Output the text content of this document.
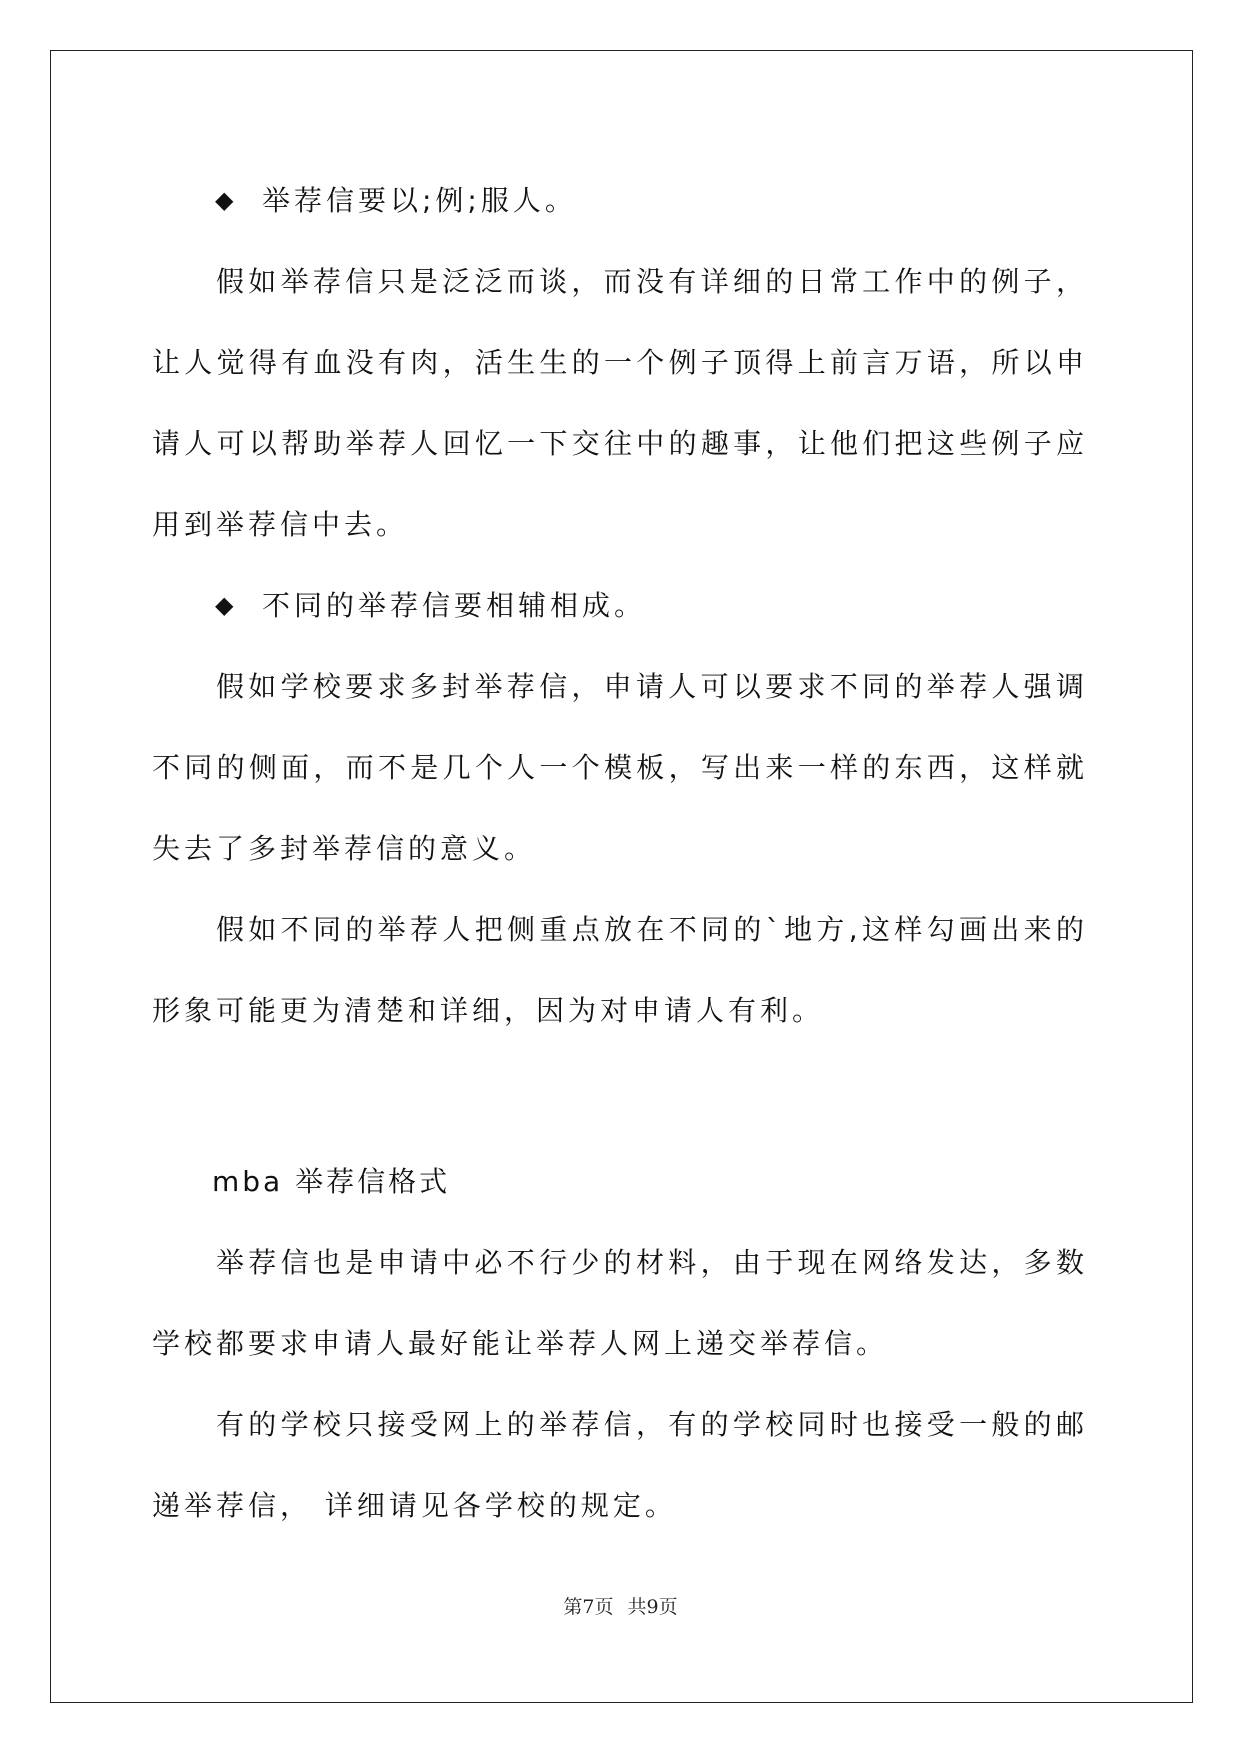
◆ 举荐信要以;例;服人。

假如举荐信只是泛泛而谈，而没有详细的日常工作中的例子，让人觉得有血没有肉，活生生的一个例子顶得上前言万语，所以申请人可以帮助举荐人回忆一下交往中的趣事，让他们把这些例子应用到举荐信中去。

◆ 不同的举荐信要相辅相成。

假如学校要求多封举荐信，申请人可以要求不同的举荐人强调不同的侧面，而不是几个人一个模板，写出来一样的东西，这样就失去了多封举荐信的意义。

假如不同的举荐人把侧重点放在不同的`地方,这样勾画出来的形象可能更为清楚和详细，因为对申请人有利。

mba 举荐信格式

举荐信也是申请中必不行少的材料，由于现在网络发达，多数学校都要求申请人最好能让举荐人网上递交举荐信。

有的学校只接受网上的举荐信，有的学校同时也接受一般的邮递举荐信， 详细请见各学校的规定。

第7页 共9页
